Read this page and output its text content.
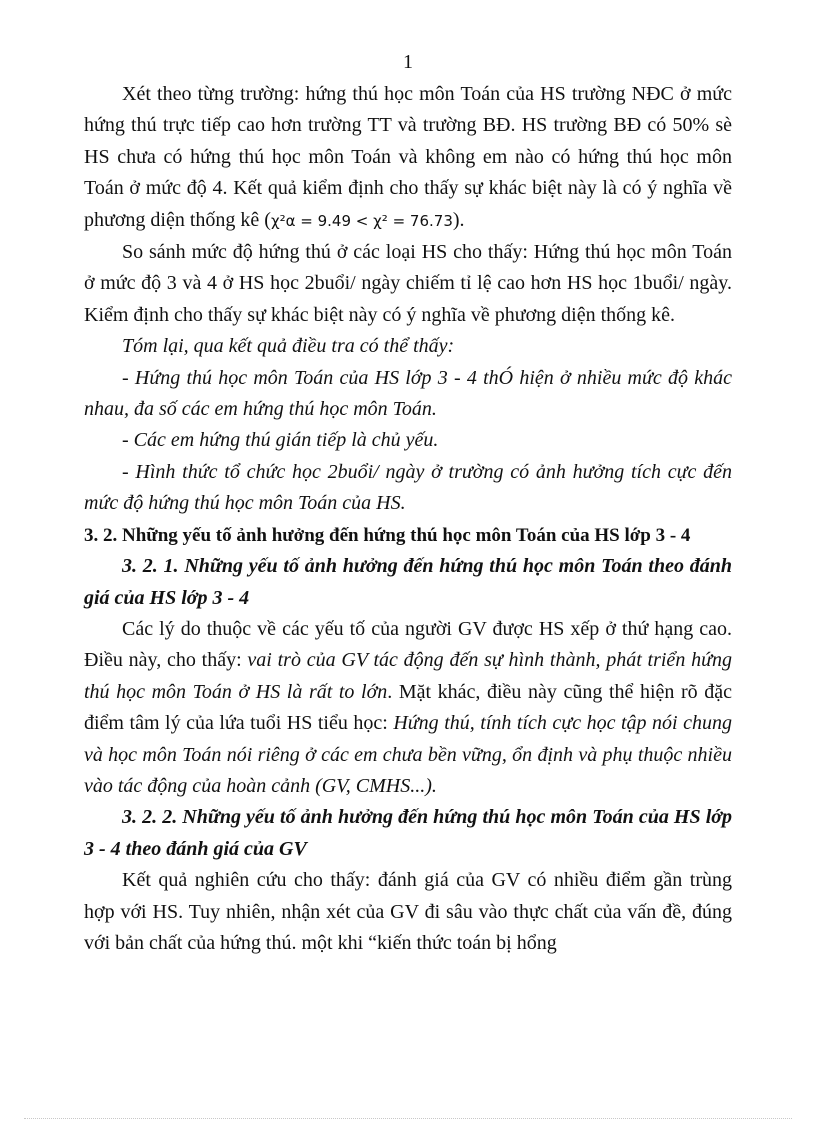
1

Xét theo từng trường: hứng thú học môn Toán của HS trường NĐC ở mức hứng thú trực tiếp cao hơn trường TT và trường BĐ. HS trường BĐ có 50% sè HS chưa có hứng thú học môn Toán và không em nào có hứng thú học môn Toán ở mức độ 4. Kết quả kiểm định cho thấy sự khác biệt này là có ý nghĩa về phương diện thống kê (χ²α = 9.49 < χ² = 76.73).

So sánh mức độ hứng thú ở các loại HS cho thấy: Hứng thú học môn Toán ở mức độ 3 và 4 ở HS học 2buổi/ ngày chiếm tỉ lệ cao hơn HS học 1buổi/ ngày. Kiểm định cho thấy sự khác biệt này có ý nghĩa về phương diện thống kê.

Tóm lại, qua kết quả điều tra có thể thấy:

- Hứng thú học môn Toán của HS lớp 3 - 4 thÓ hiện ở nhiều mức độ khác nhau, đa số các em hứng thú học môn Toán.

- Các em hứng thú gián tiếp là chủ yếu.

- Hình thức tổ chức học 2buổi/ ngày ở trường có ảnh hưởng tích cực đến mức độ hứng thú học môn Toán của HS.

3. 2. Những yếu tố ảnh hưởng đến hứng thú học môn Toán của HS lớp 3 - 4

3. 2. 1. Những yếu tố ảnh hưởng đến hứng thú học môn Toán theo đánh giá của HS lớp 3 - 4

Các lý do thuộc về các yếu tố của người GV được HS xếp ở thứ hạng cao. Điều này, cho thấy: vai trò của GV tác động đến sự hình thành, phát triển hứng thú học môn Toán ở HS là rất to lớn. Mặt khác, điều này cũng thể hiện rõ đặc điểm tâm lý của lứa tuổi HS tiểu học: Hứng thú, tính tích cực học tập nói chung và học môn Toán nói riêng ở các em chưa bền vững, ổn định và phụ thuộc nhiều vào tác động của hoàn cảnh (GV, CMHS...).

3. 2. 2. Những yếu tố ảnh hưởng đến hứng thú học môn Toán của HS lớp 3 - 4 theo đánh giá của GV

Kết quả nghiên cứu cho thấy: đánh giá của GV có nhiều điểm gần trùng hợp với HS. Tuy nhiên, nhận xét của GV đi sâu vào thực chất của vấn đề, đúng với bản chất của hứng thú. một khi “kiến thức toán bị hổng
